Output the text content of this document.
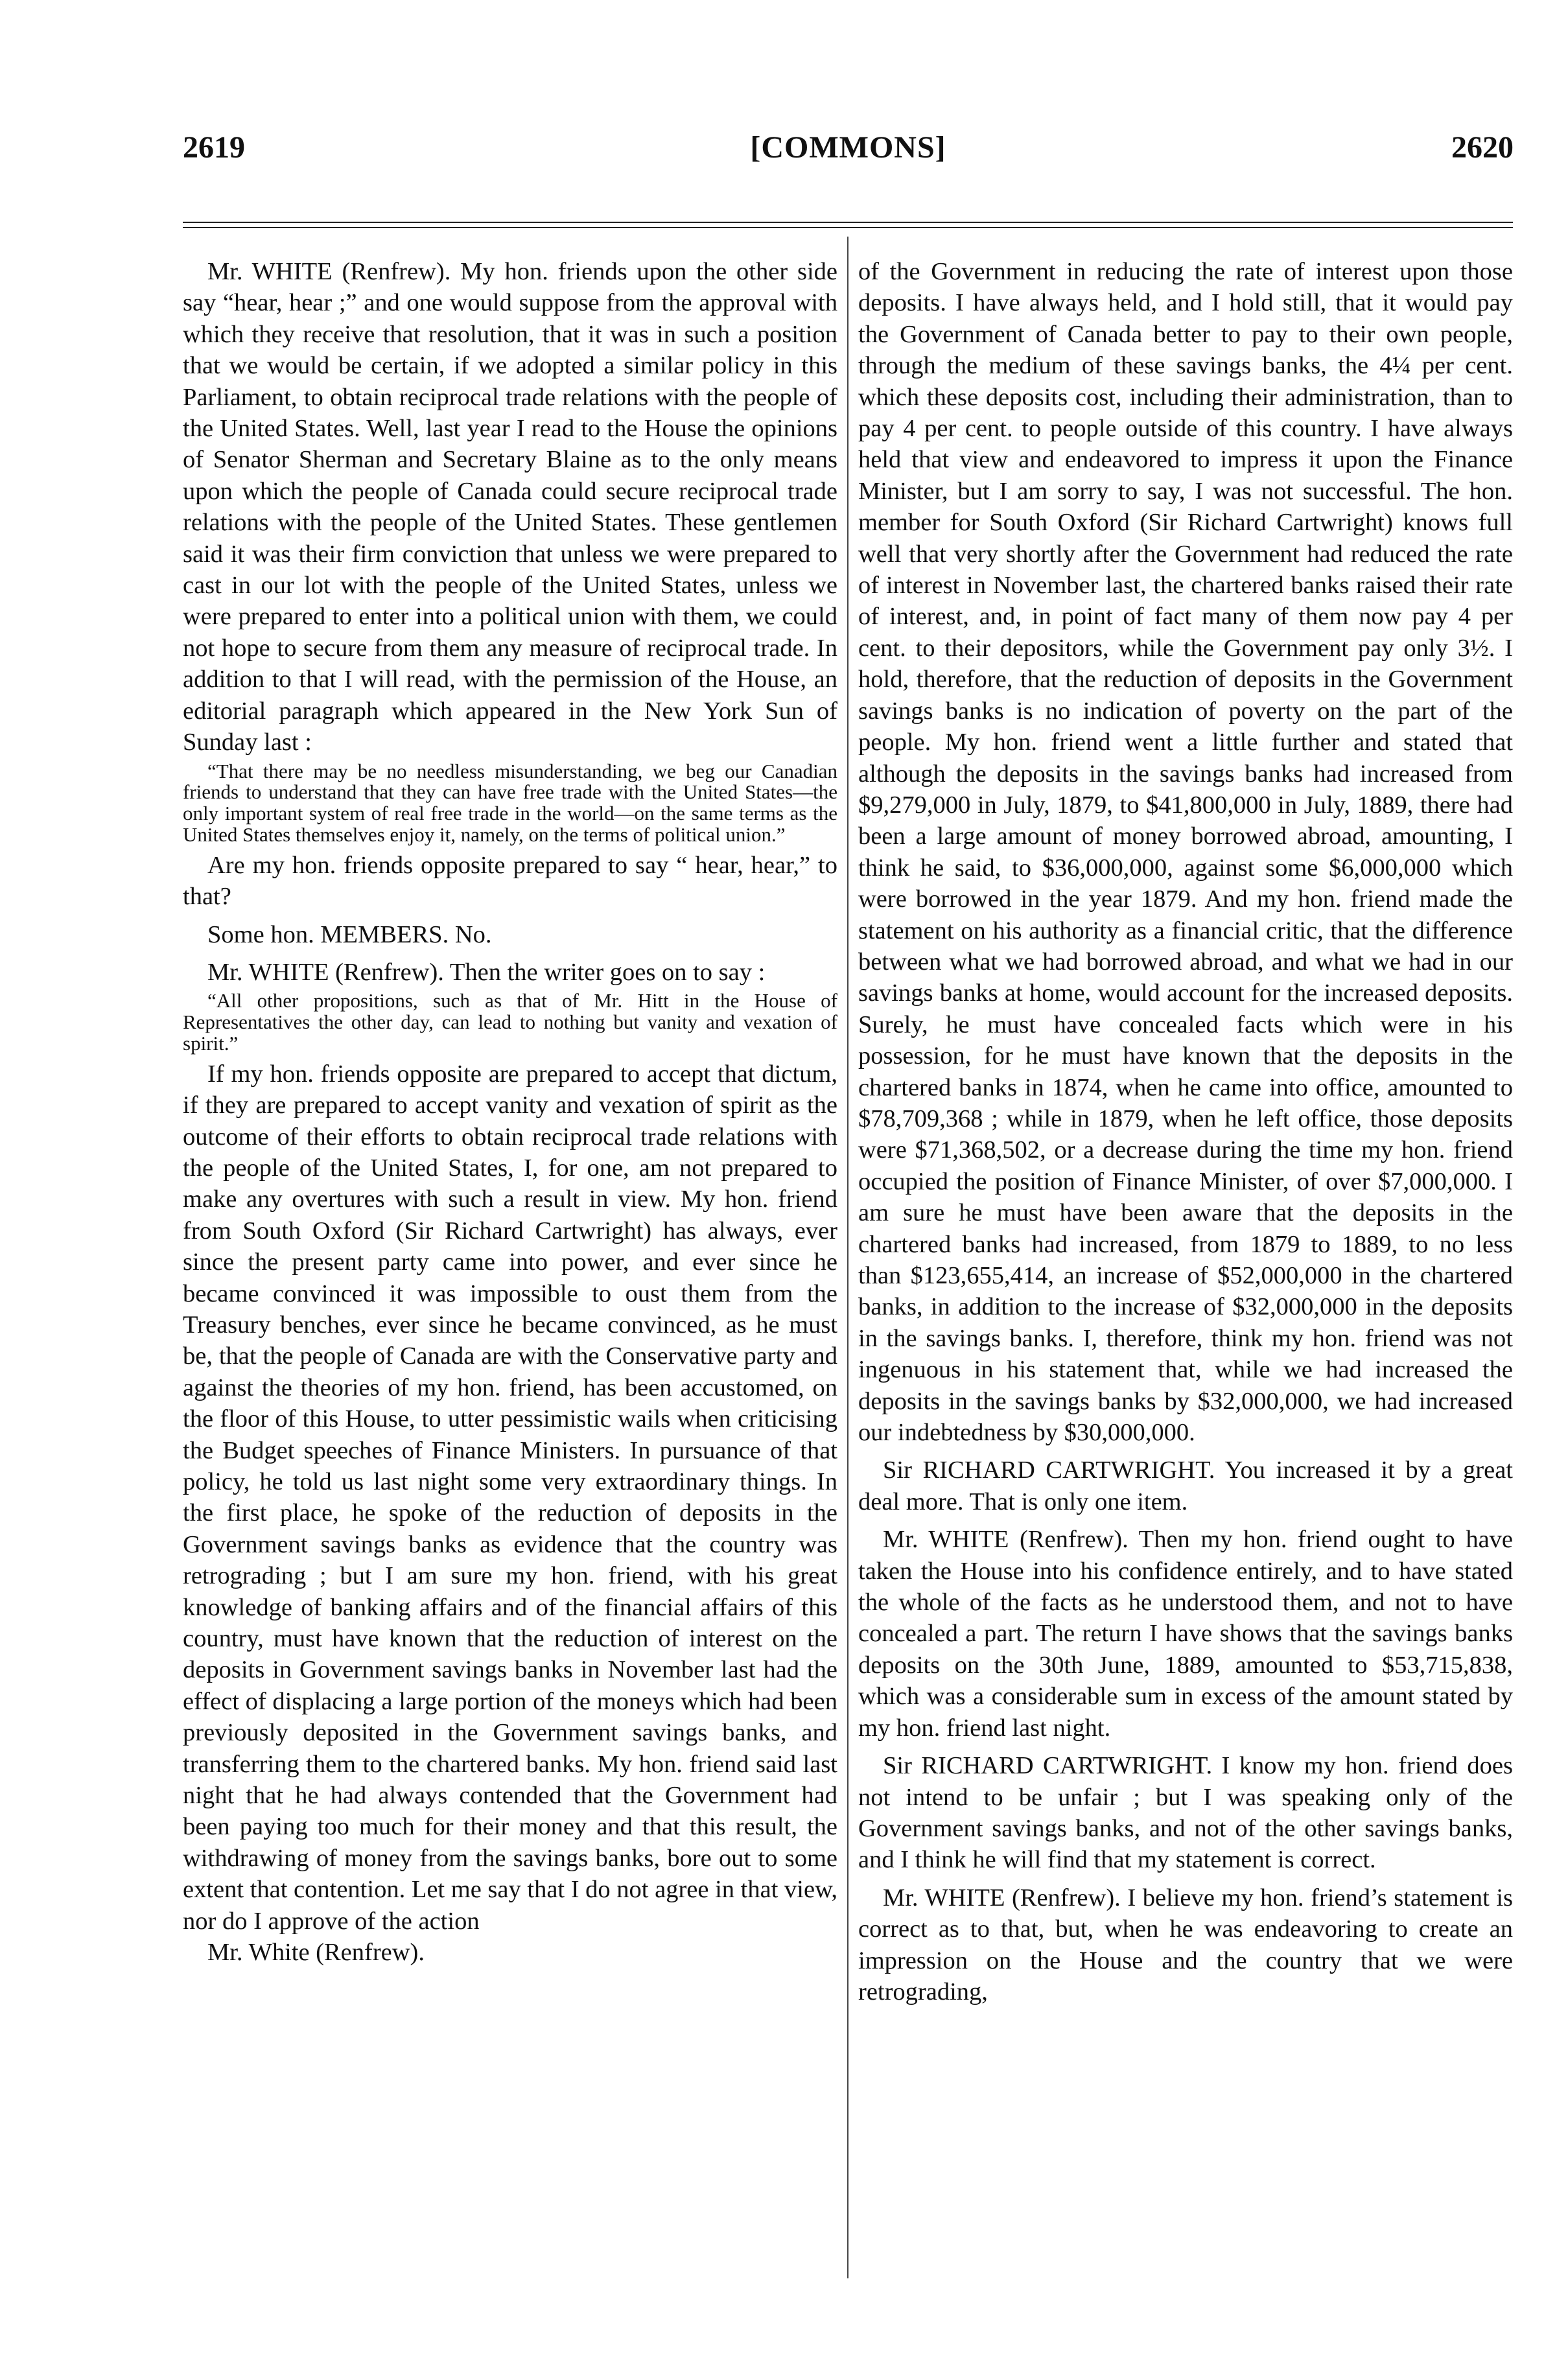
2619	[COMMONS]	2620

Mr. WHITE (Renfrew). My hon. friends upon the other side say “hear, hear ;” and one would suppose from the approval with which they receive that resolution, that it was in such a position that we would be certain, if we adopted a similar policy in this Parliament, to obtain reciprocal trade relations with the people of the United States. Well, last year I read to the House the opinions of Senator Sherman and Secretary Blaine as to the only means upon which the people of Canada could secure reciprocal trade relations with the people of the United States. These gentlemen said it was their firm conviction that unless we were prepared to cast in our lot with the people of the United States, unless we were prepared to enter into a political union with them, we could not hope to secure from them any measure of reciprocal trade. In addition to that I will read, with the permission of the House, an editorial paragraph which appeared in the New York Sun of Sunday last :

“That there may be no needless misunderstanding, we beg our Canadian friends to understand that they can have free trade with the United States—the only important system of real free trade in the world—on the same terms as the United States themselves enjoy it, namely, on the terms of political union.”

Are my hon. friends opposite prepared to say “ hear, hear,” to that?

Some hon. MEMBERS. No.

Mr. WHITE (Renfrew). Then the writer goes on to say :

“All other propositions, such as that of Mr. Hitt in the House of Representatives the other day, can lead to nothing but vanity and vexation of spirit.”

If my hon. friends opposite are prepared to accept that dictum, if they are prepared to accept vanity and vexation of spirit as the outcome of their efforts to obtain reciprocal trade relations with the people of the United States, I, for one, am not prepared to make any overtures with such a result in view. My hon. friend from South Oxford (Sir Richard Cartwright) has always, ever since the present party came into power, and ever since he became convinced it was impossible to oust them from the Treasury benches, ever since he became convinced, as he must be, that the people of Canada are with the Conservative party and against the theories of my hon. friend, has been accustomed, on the floor of this House, to utter pessimistic wails when criticising the Budget speeches of Finance Ministers. In pursuance of that policy, he told us last night some very extraordinary things. In the first place, he spoke of the reduction of deposits in the Government savings banks as evidence that the country was retrograding ; but I am sure my hon. friend, with his great knowledge of banking affairs and of the financial affairs of this country, must have known that the reduction of interest on the deposits in Government savings banks in November last had the effect of displacing a large portion of the moneys which had been previously deposited in the Government savings banks, and transferring them to the chartered banks. My hon. friend said last night that he had always contended that the Government had been paying too much for their money and that this result, the withdrawing of money from the savings banks, bore out to some extent that contention. Let me say that I do not agree in that view, nor do I approve of the action

Mr. White (Renfrew).

of the Government in reducing the rate of interest upon those deposits. I have always held, and I hold still, that it would pay the Government of Canada better to pay to their own people, through the medium of these savings banks, the 4¼ per cent. which these deposits cost, including their administration, than to pay 4 per cent. to people outside of this country. I have always held that view and endeavored to impress it upon the Finance Minister, but I am sorry to say, I was not successful. The hon. member for South Oxford (Sir Richard Cartwright) knows full well that very shortly after the Government had reduced the rate of interest in November last, the chartered banks raised their rate of interest, and, in point of fact many of them now pay 4 per cent. to their depositors, while the Government pay only 3½. I hold, therefore, that the reduction of deposits in the Government savings banks is no indication of poverty on the part of the people. My hon. friend went a little further and stated that although the deposits in the savings banks had increased from $9,279,000 in July, 1879, to $41,800,000 in July, 1889, there had been a large amount of money borrowed abroad, amounting, I think he said, to $36,000,000, against some $6,000,000 which were borrowed in the year 1879. And my hon. friend made the statement on his authority as a financial critic, that the difference between what we had borrowed abroad, and what we had in our savings banks at home, would account for the increased deposits. Surely, he must have concealed facts which were in his possession, for he must have known that the deposits in the chartered banks in 1874, when he came into office, amounted to $78,709,368 ; while in 1879, when he left office, those deposits were $71,368,502, or a decrease during the time my hon. friend occupied the position of Finance Minister, of over $7,000,000. I am sure he must have been aware that the deposits in the chartered banks had increased, from 1879 to 1889, to no less than $123,655,414, an increase of $52,000,000 in the chartered banks, in addition to the increase of $32,000,000 in the deposits in the savings banks. I, therefore, think my hon. friend was not ingenuous in his statement that, while we had increased the deposits in the savings banks by $32,000,000, we had increased our indebtedness by $30,000,000.

Sir RICHARD CARTWRIGHT. You increased it by a great deal more. That is only one item.

Mr. WHITE (Renfrew). Then my hon. friend ought to have taken the House into his confidence entirely, and to have stated the whole of the facts as he understood them, and not to have concealed a part. The return I have shows that the savings banks deposits on the 30th June, 1889, amounted to $53,715,838, which was a considerable sum in excess of the amount stated by my hon. friend last night.

Sir RICHARD CARTWRIGHT. I know my hon. friend does not intend to be unfair ; but I was speaking only of the Government savings banks, and not of the other savings banks, and I think he will find that my statement is correct.

Mr. WHITE (Renfrew). I believe my hon. friend’s statement is correct as to that, but, when he was endeavoring to create an impression on the House and the country that we were retrograding,
